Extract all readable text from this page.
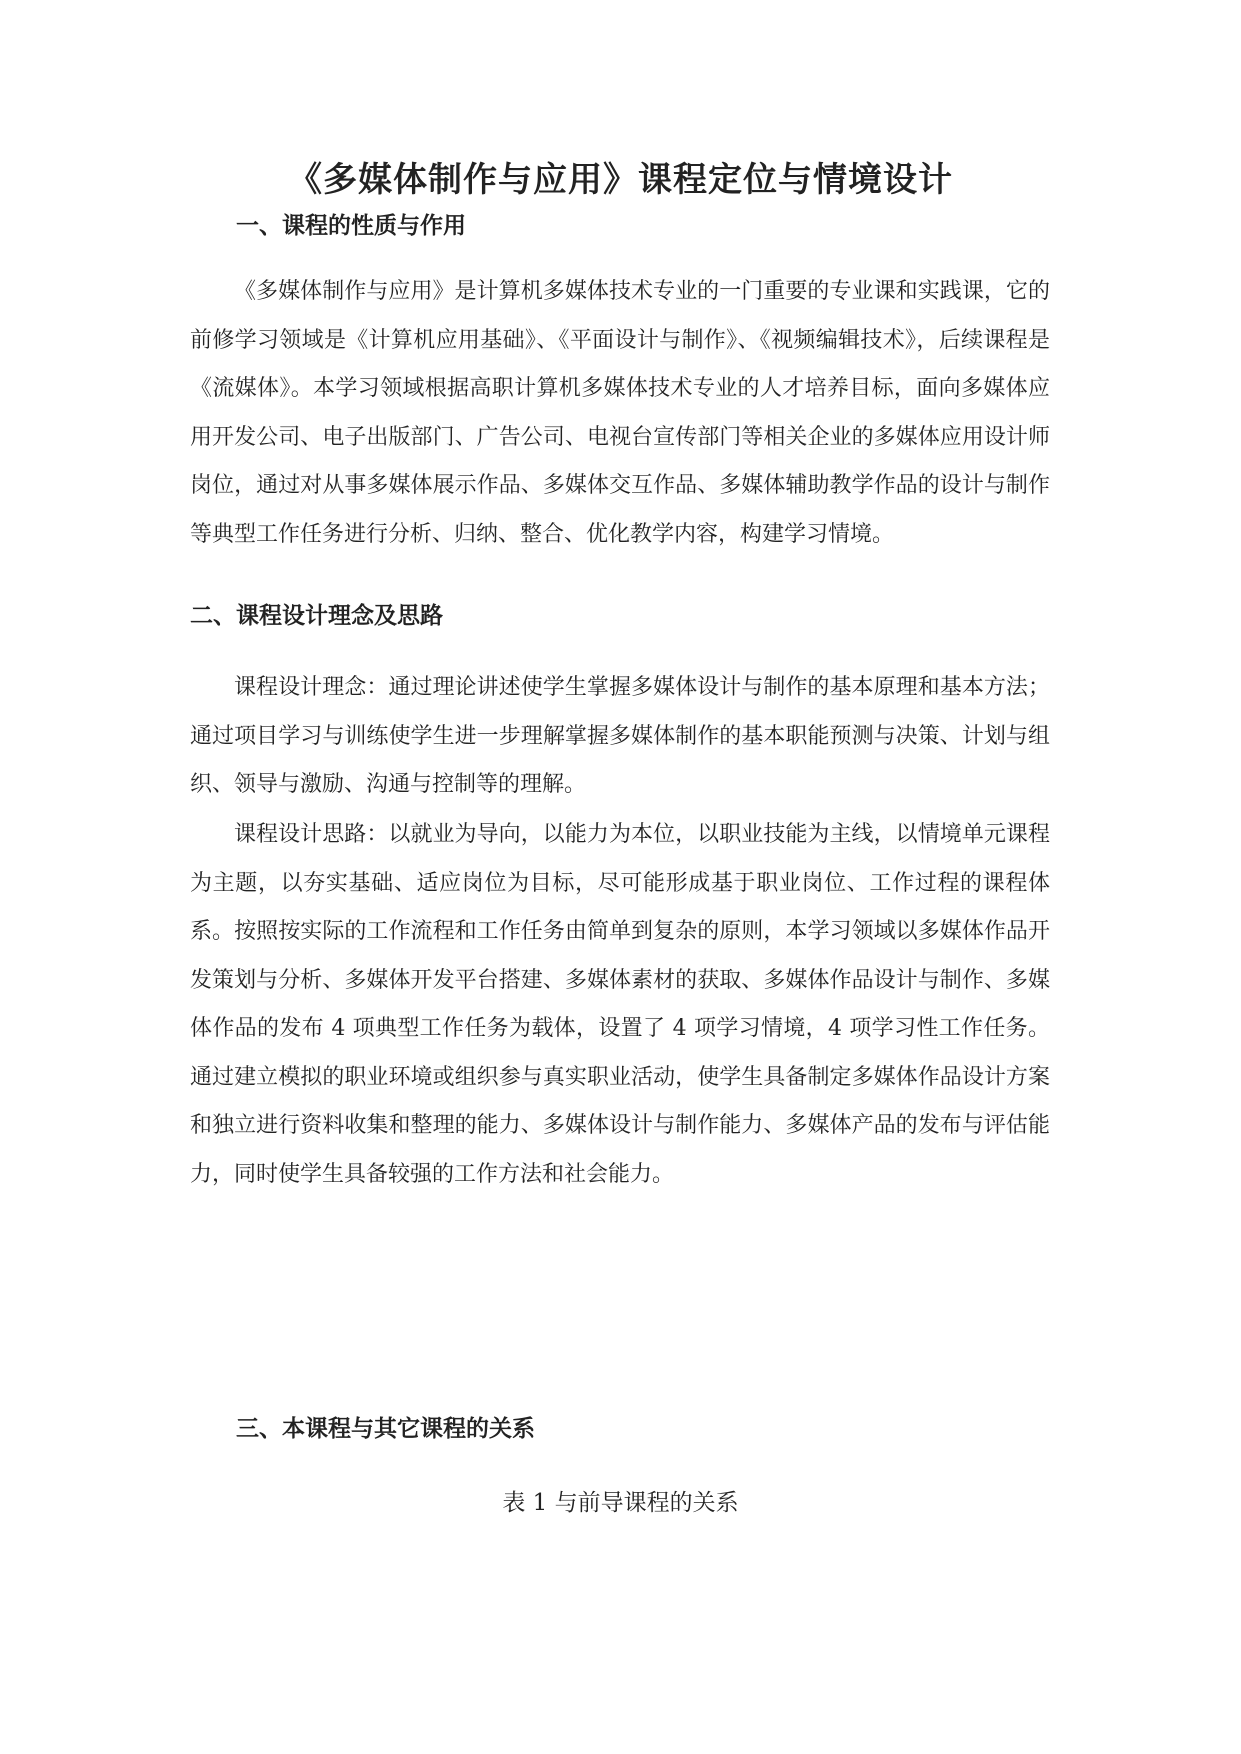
《多媒体制作与应用》课程定位与情境设计
一、课程的性质与作用

《多媒体制作与应用》是计算机多媒体技术专业的一门重要的专业课和实践课，它的前修学习领域是《计算机应用基础》、《平面设计与制作》、《视频编辑技术》，后续课程是《流媒体》。本学习领域根据高职计算机多媒体技术专业的人才培养目标，面向多媒体应用开发公司、电子出版部门、广告公司、电视台宣传部门等相关企业的多媒体应用设计师岗位，通过对从事多媒体展示作品、多媒体交互作品、多媒体辅助教学作品的设计与制作等典型工作任务进行分析、归纳、整合、优化教学内容，构建学习情境。

二、课程设计理念及思路

课程设计理念：通过理论讲述使学生掌握多媒体设计与制作的基本原理和基本方法；通过项目学习与训练使学生进一步理解掌握多媒体制作的基本职能预测与决策、计划与组织、领导与激励、沟通与控制等的理解。

课程设计思路：以就业为导向，以能力为本位，以职业技能为主线，以情境单元课程为主题，以夯实基础、适应岗位为目标，尽可能形成基于职业岗位、工作过程的课程体系。按照按实际的工作流程和工作任务由简单到复杂的原则，本学习领域以多媒体作品开发策划与分析、多媒体开发平台搭建、多媒体素材的获取、多媒体作品设计与制作、多媒体作品的发布 4 项典型工作任务为载体，设置了 4 项学习情境，4 项学习性工作任务。通过建立模拟的职业环境或组织参与真实职业活动，使学生具备制定多媒体作品设计方案和独立进行资料收集和整理的能力、多媒体设计与制作能力、多媒体产品的发布与评估能力，同时使学生具备较强的工作方法和社会能力。

三、本课程与其它课程的关系
表 1 与前导课程的关系
